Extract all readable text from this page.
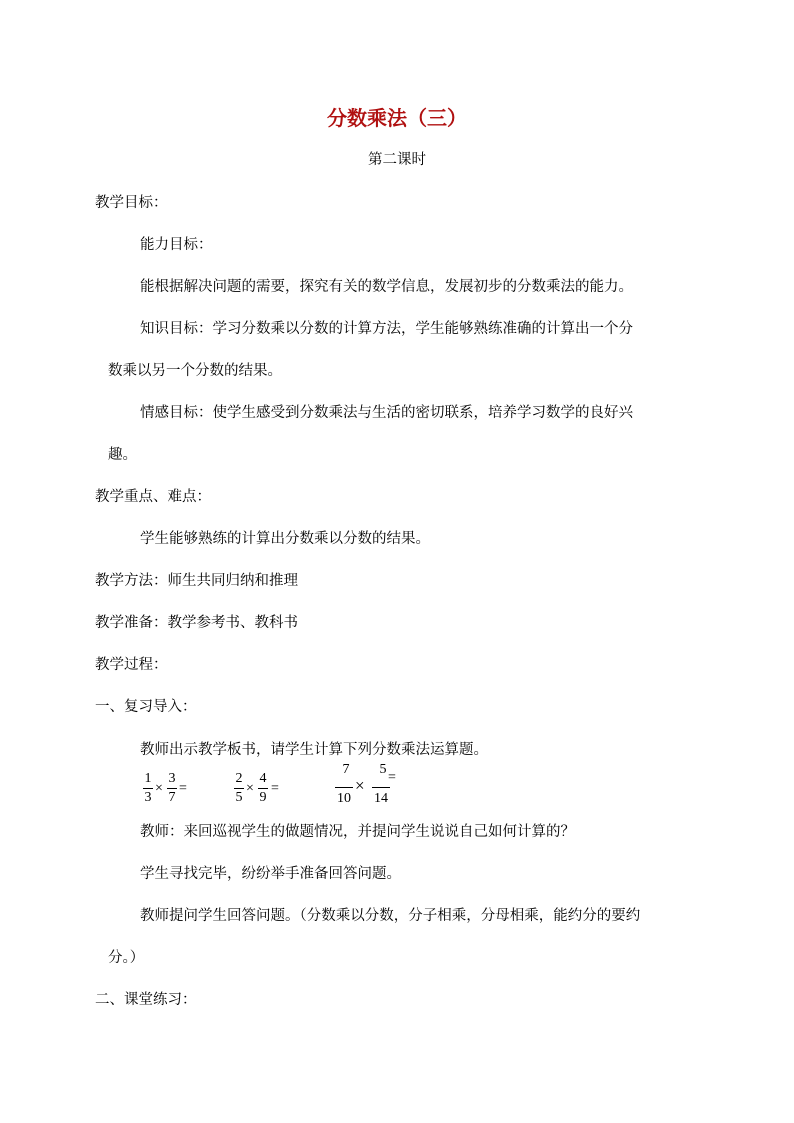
分数乘法（三）
第二课时
教学目标：
能力目标：
能根据解决问题的需要，探究有关的数学信息，发展初步的分数乘法的能力。
知识目标：学习分数乘以分数的计算方法，学生能够熟练准确的计算出一个分
数乘以另一个分数的结果。
情感目标：使学生感受到分数乘法与生活的密切联系，培养学习数学的良好兴
趣。
教学重点、难点：
学生能够熟练的计算出分数乘以分数的结果。
教学方法：师生共同归纳和推理
教学准备：教学参考书、教科书
教学过程：
一、复习导入：
教师出示教学板书，请学生计算下列分数乘法运算题。
1
3
×
3
7
=
2
5
×
4
9
=
7
10
×
5
14
=
教师：来回巡视学生的做题情况，并提问学生说说自己如何计算的？
学生寻找完毕，纷纷举手准备回答问题。
教师提问学生回答问题。（分数乘以分数，分子相乘，分母相乘，能约分的要约
分。）
二、课堂练习：
